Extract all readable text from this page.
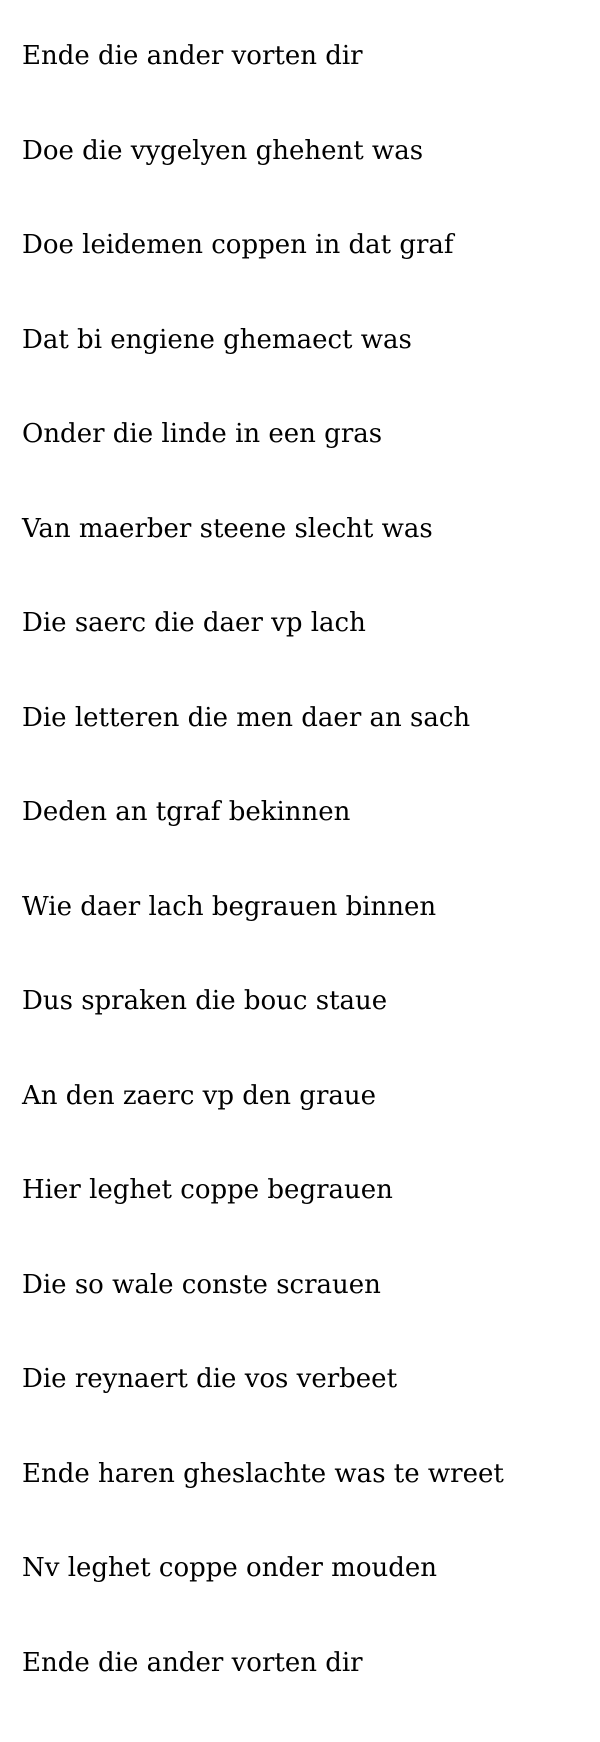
Ende die ander vorten dir

Doe die vygelyen ghehent was

Doe leidemen coppen in dat graf

Dat bi engiene ghemaect was

Onder die linde in een gras

Van maerber steene slecht was

Die saerc die daer vp lach

Die letteren die men daer an sach

Deden an tgraf bekinnen

Wie daer lach begrauen binnen

Dus spraken die bouc staue

An den zaerc vp den graue

Hier leghet coppe begrauen

Die so wale conste scrauen

Die reynaert die vos verbeet

Ende haren gheslachte was te wreet

Nv leghet coppe onder mouden

Ende die ander vorten dir
